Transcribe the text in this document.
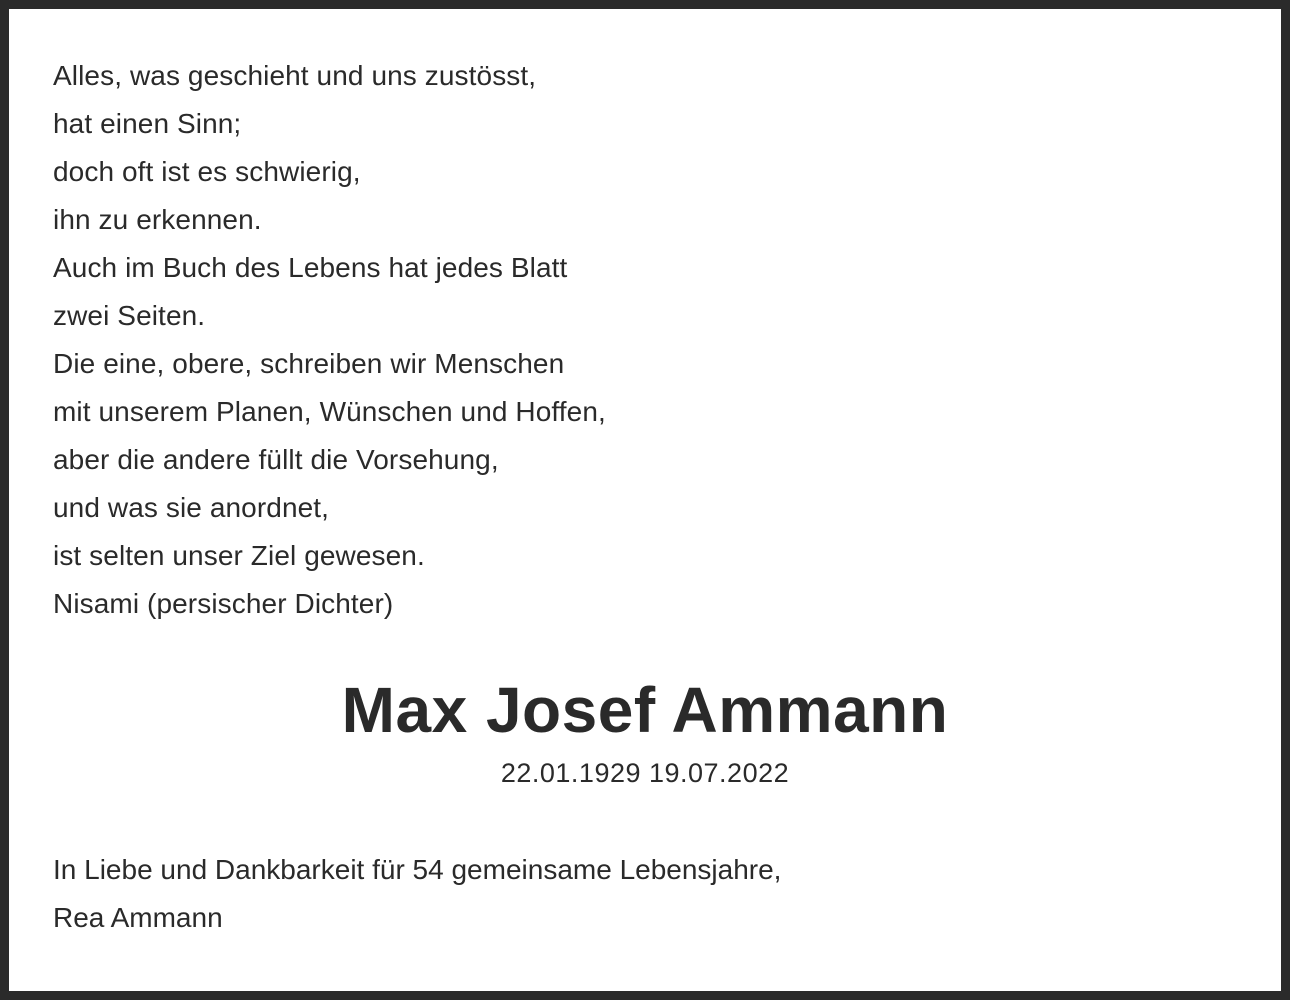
Alles, was geschieht und uns zustösst,
hat einen Sinn;
doch oft ist es schwierig,
ihn zu erkennen.
Auch im Buch des Lebens hat jedes Blatt
zwei Seiten.
Die eine, obere, schreiben wir Menschen
mit unserem Planen, Wünschen und Hoffen,
aber die andere füllt die Vorsehung,
und was sie anordnet,
ist selten unser Ziel gewesen.
Nisami (persischer Dichter)
Max Josef Ammann
22.01.1929 19.07.2022
In Liebe und Dankbarkeit für 54 gemeinsame Lebensjahre,
Rea Ammann
